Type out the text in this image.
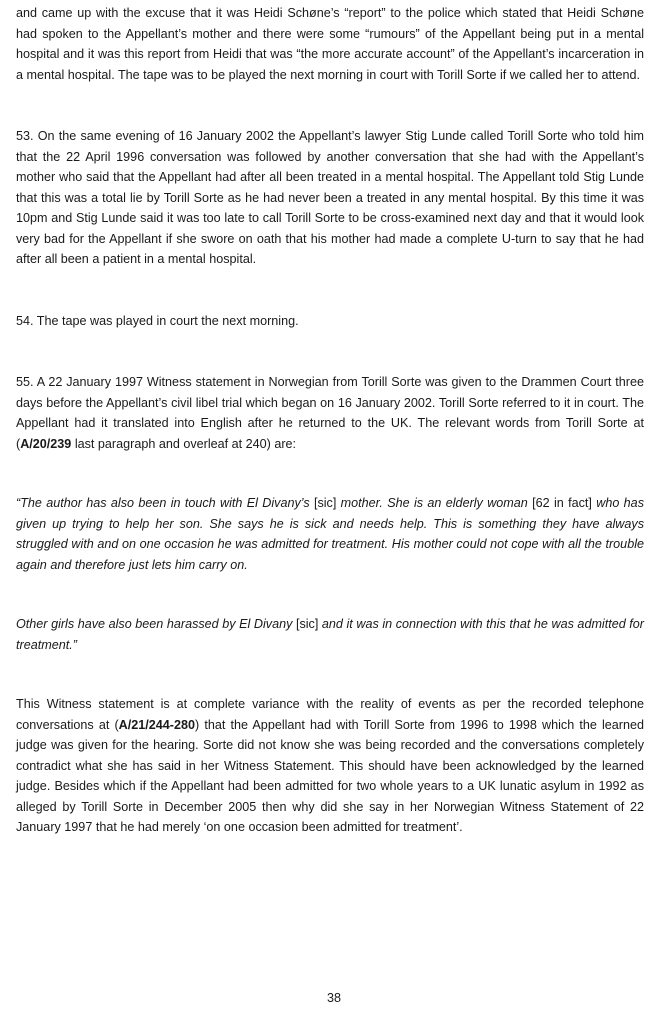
and came up with the excuse that it was Heidi Schøne’s “report” to the police which stated that Heidi Schøne had spoken to the Appellant’s mother and there were some “rumours” of the Appellant being put in a mental hospital and it was this report from Heidi that was “the more accurate account” of the Appellant’s incarceration in a mental hospital. The tape was to be played the next morning in court with Torill Sorte if we called her to attend.

53. On the same evening of 16 January 2002 the Appellant’s lawyer Stig Lunde called Torill Sorte who told him that the 22 April 1996 conversation was followed by another conversation that she had with the Appellant’s mother who said that the Appellant had after all been treated in a mental hospital. The Appellant told Stig Lunde that this was a total lie by Torill Sorte as he had never been a treated in any mental hospital. By this time it was 10pm and Stig Lunde said it was too late to call Torill Sorte to be cross-examined next day and that it would look very bad for the Appellant if she swore on oath that his mother had made a complete U-turn to say that he had after all been a patient in a mental hospital.

54. The tape was played in court the next morning.

55. A 22 January 1997 Witness statement in Norwegian from Torill Sorte was given to the Drammen Court three days before the Appellant’s civil libel trial which began on 16 January 2002. Torill Sorte referred to it in court. The Appellant had it translated into English after he returned to the UK. The relevant words from Torill Sorte at (A/20/239 last paragraph and overleaf at 240) are:

“The author has also been in touch with El Divany’s [sic] mother. She is an elderly woman [62 in fact] who has given up trying to help her son. She says he is sick and needs help. This is something they have always struggled with and on one occasion he was admitted for treatment. His mother could not cope with all the trouble again and therefore just lets him carry on.

Other girls have also been harassed by El Divany [sic] and it was in connection with this that he was admitted for treatment.”

This Witness statement is at complete variance with the reality of events as per the recorded telephone conversations at (A/21/244-280) that the Appellant had with Torill Sorte from 1996 to 1998 which the learned judge was given for the hearing. Sorte did not know she was being recorded and the conversations completely contradict what she has said in her Witness Statement. This should have been acknowledged by the learned judge. Besides which if the Appellant had been admitted for two whole years to a UK lunatic asylum in 1992 as alleged by Torill Sorte in December 2005 then why did she say in her Norwegian Witness Statement of 22 January 1997 that he had merely ‘on one occasion been admitted for treatment’.

38
